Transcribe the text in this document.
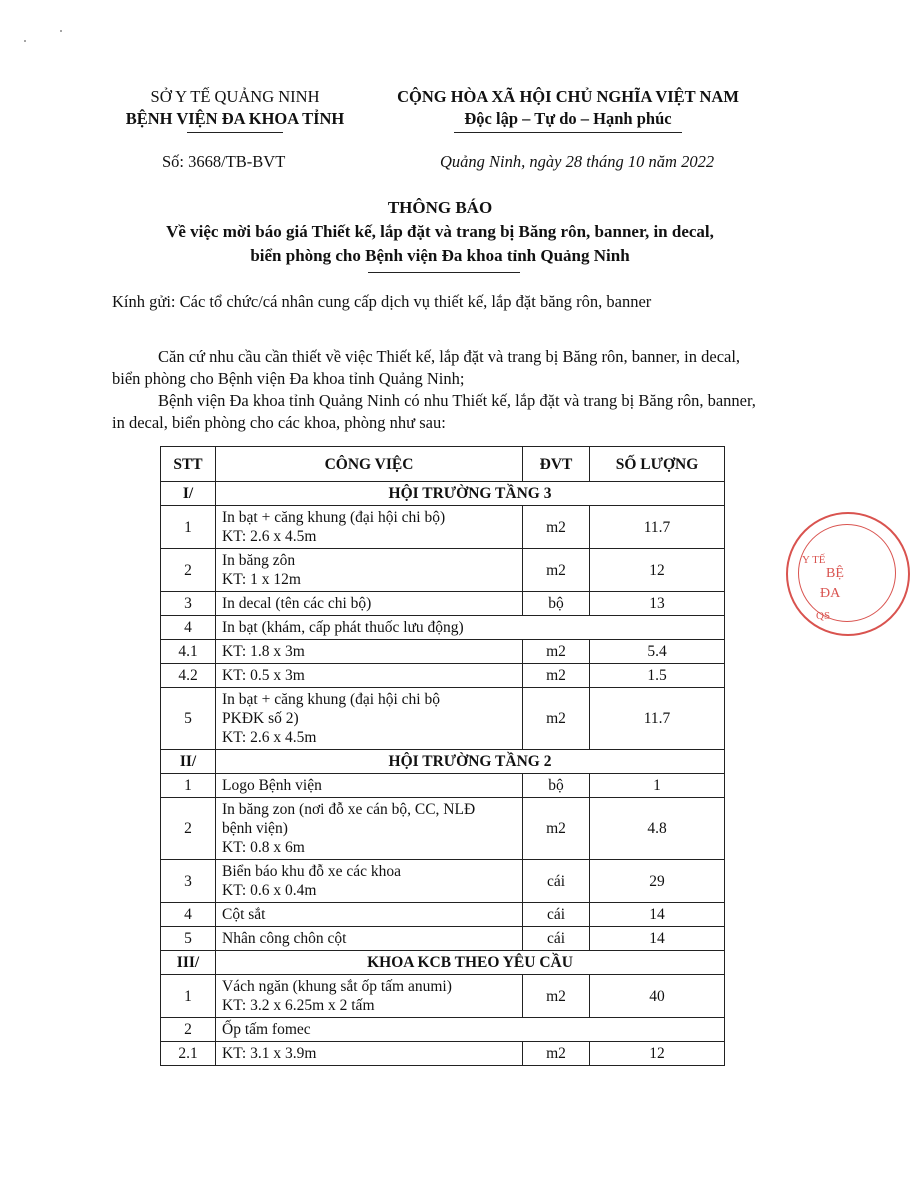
SỞ Y TẾ QUẢNG NINH
BỆNH VIỆN ĐA KHOA TỈNH
CỘNG HÒA XÃ HỘI CHỦ NGHĨA VIỆT NAM
Độc lập – Tự do – Hạnh phúc
Số: 3668/TB-BVT	Quảng Ninh, ngày 28 tháng 10 năm 2022
THÔNG BÁO
Về việc mời báo giá Thiết kế, lắp đặt và trang bị Băng rôn, banner, in decal,
biển phòng cho Bệnh viện Đa khoa tỉnh Quảng Ninh
Kính gửi: Các tổ chức/cá nhân cung cấp dịch vụ thiết kế, lắp đặt băng rôn, banner
Căn cứ nhu cầu cần thiết về việc Thiết kế, lắp đặt và trang bị Băng rôn, banner, in decal, biển phòng cho Bệnh viện Đa khoa tỉnh Quảng Ninh;
Bệnh viện Đa khoa tỉnh Quảng Ninh có nhu Thiết kế, lắp đặt và trang bị Băng rôn, banner, in decal, biển phòng cho các khoa, phòng như sau:
STT	CÔNG VIỆC	ĐVT	SỐ LƯỢNG
I/	HỘI TRƯỜNG TẦNG 3		
1	In bạt + căng khung (đại hội chi bộ)
KT: 2.6 x 4.5m	m2	11.7
2	In băng zôn
KT: 1 x 12m	m2	12
3	In decal (tên các chi bộ)	bộ	13
4	In bạt (khám, cấp phát thuốc lưu động)		
4.1	KT: 1.8 x 3m	m2	5.4
4.2	KT: 0.5 x 3m	m2	1.5
5	In bạt + căng khung (đại hội chi bộ
PKĐK số 2)
KT: 2.6 x 4.5m	m2	11.7
II/	HỘI TRƯỜNG TẦNG 2		
1	Logo Bệnh viện	bộ	1
2	In băng zon (nơi đỗ xe cán bộ, CC, NLĐ
bệnh viện)
KT: 0.8 x 6m	m2	4.8
3	Biển báo khu đỗ xe các khoa
KT: 0.6 x 0.4m	cái	29
4	Cột sắt	cái	14
5	Nhân công chôn cột	cái	14
III/	KHOA KCB THEO YÊU CẦU		
1	Vách ngăn (khung sắt ốp tấm anumi)
KT: 3.2 x 6.25m x 2 tấm	m2	40
2	Ốp tấm fomec		
2.1	KT: 3.1 x 3.9m	m2	12
Y TẾ
BỆ
ĐA
QS
